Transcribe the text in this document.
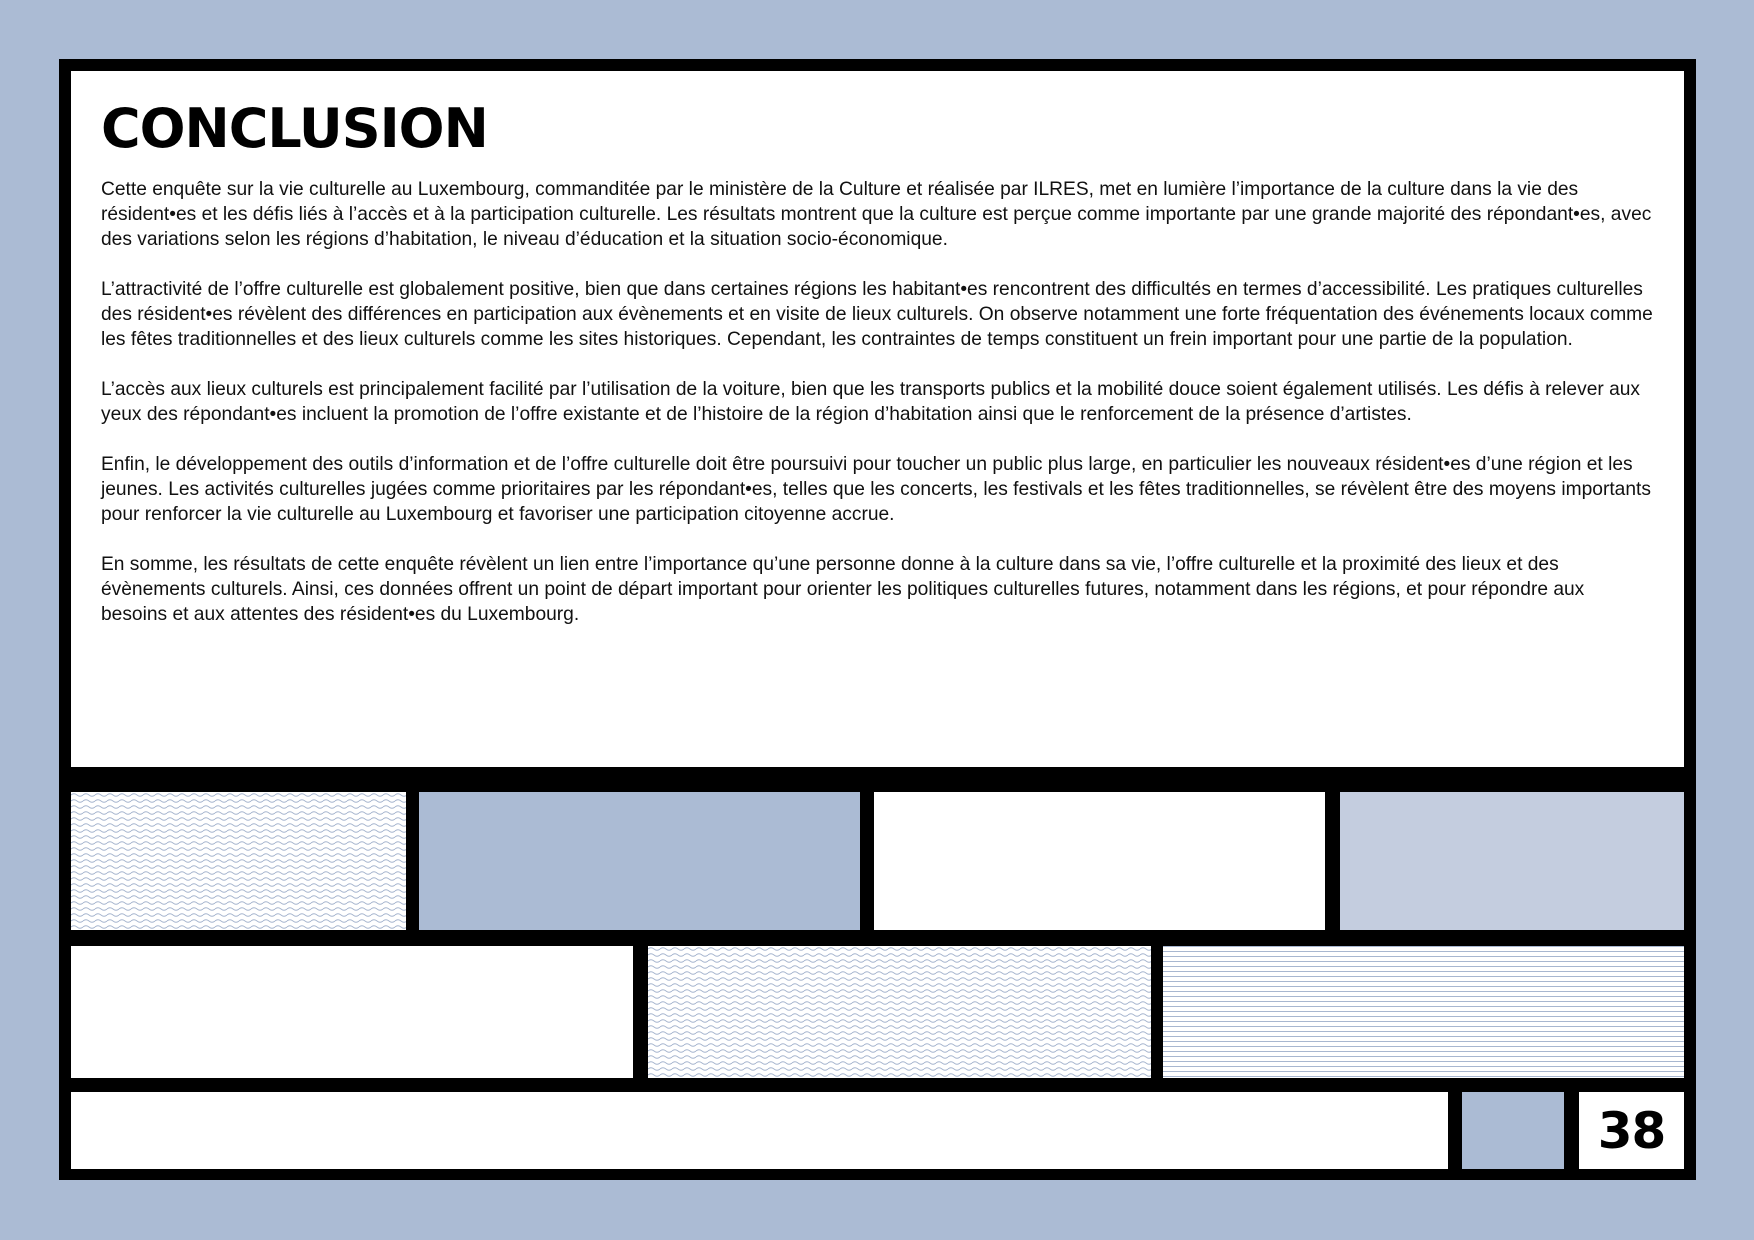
CONCLUSION

Cette enquête sur la vie culturelle au Luxembourg, commanditée par le ministère de la Culture et réalisée par ILRES, met en lumière l’importance de la culture dans la vie des résident•es et les défis liés à l’accès et à la participation culturelle. Les résultats montrent que la culture est perçue comme importante par une grande majorité des répondant•es, avec des variations selon les régions d’habitation, le niveau d’éducation et la situation socio-économique.

L’attractivité de l’offre culturelle est globalement positive, bien que dans certaines régions les habitant•es rencontrent des difficultés en termes d’accessibilité. Les pratiques culturelles des résident•es révèlent des différences en participation aux évènements et en visite de lieux culturels. On observe notamment une forte fréquentation des événements locaux comme les fêtes traditionnelles et des lieux culturels comme les sites historiques. Cependant, les contraintes de temps constituent un frein important pour une partie de la population.

L’accès aux lieux culturels est principalement facilité par l’utilisation de la voiture, bien que les transports publics et la mobilité douce soient également utilisés. Les défis à relever aux yeux des répondant•es incluent la promotion de l’offre existante et de l’histoire de la région d’habitation ainsi que le renforcement de la présence d’artistes.

Enfin, le développement des outils d’information et de l’offre culturelle doit être poursuivi pour toucher un public plus large, en particulier les nouveaux résident•es d’une région et les jeunes. Les activités culturelles jugées comme prioritaires par les répondant•es, telles que les concerts, les festivals et les fêtes traditionnelles, se révèlent être des moyens importants pour renforcer la vie culturelle au Luxembourg et favoriser une participation citoyenne accrue.

En somme, les résultats de cette enquête révèlent un lien entre l’importance qu’une personne donne à la culture dans sa vie, l’offre culturelle et la proximité des lieux et des évènements culturels. Ainsi, ces données offrent un point de départ important pour orienter les politiques culturelles futures, notamment dans les régions, et pour répondre aux besoins et aux attentes des résident•es du Luxembourg.

38
